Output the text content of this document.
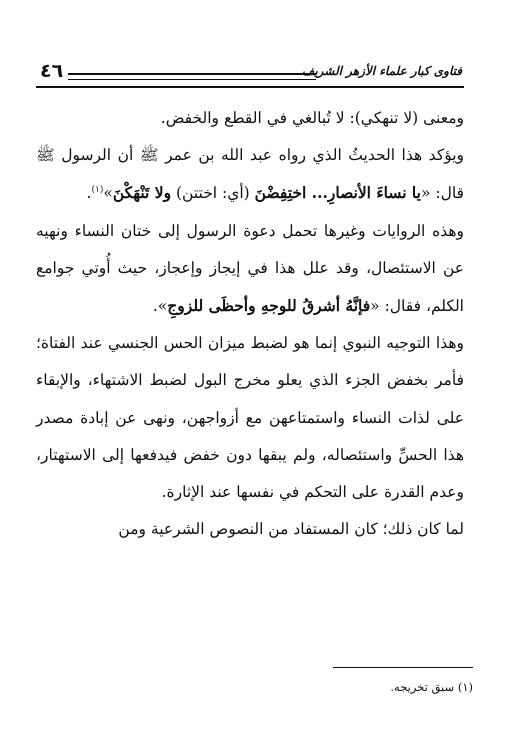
٤٦	فتاوى كبار علماء الأزهر الشريف

ومعنى (لا تنهكي): لا تُبالغي في القطع والخفض.

ويؤكد هذا الحديثُ الذي رواه عبد الله بن عمر ﷺ أن الرسول ﷺ قال: «يا نساءَ الأنصارِ... اختِفِضْنَ (أي: اختتن) ولا تَنْهَكْنَ»$^{(١)}$.

وهذه الروايات وغيرها تحمل دعوة الرسول إلى ختان النساء ونهيه عن الاستئصال، وقد علل هذا في إيجاز وإعجاز، حيث أُوتي جوامع الكلم، فقال: «فإنَّهُ أشرقُ للوجهِ وأحظَى للزوجِ».

وهذا التوجيه النبوي إنما هو لضبط ميزان الحس الجنسي عند الفتاة؛ فأمر بخفض الجزء الذي يعلو مخرج البول لضبط الاشتهاء، والإبقاء على لذات النساء واستمتاعهن مع أزواجهن، ونهى عن إبادة مصدر هذا الحسِّ واستئصاله، ولم يبقها دون خفض فيدفعها إلى الاستهتار، وعدم القدرة على التحكم في نفسها عند الإثارة.

لما كان ذلك؛ كان المستفاد من النصوص الشرعية ومن

(١) سبق تخريجه.
